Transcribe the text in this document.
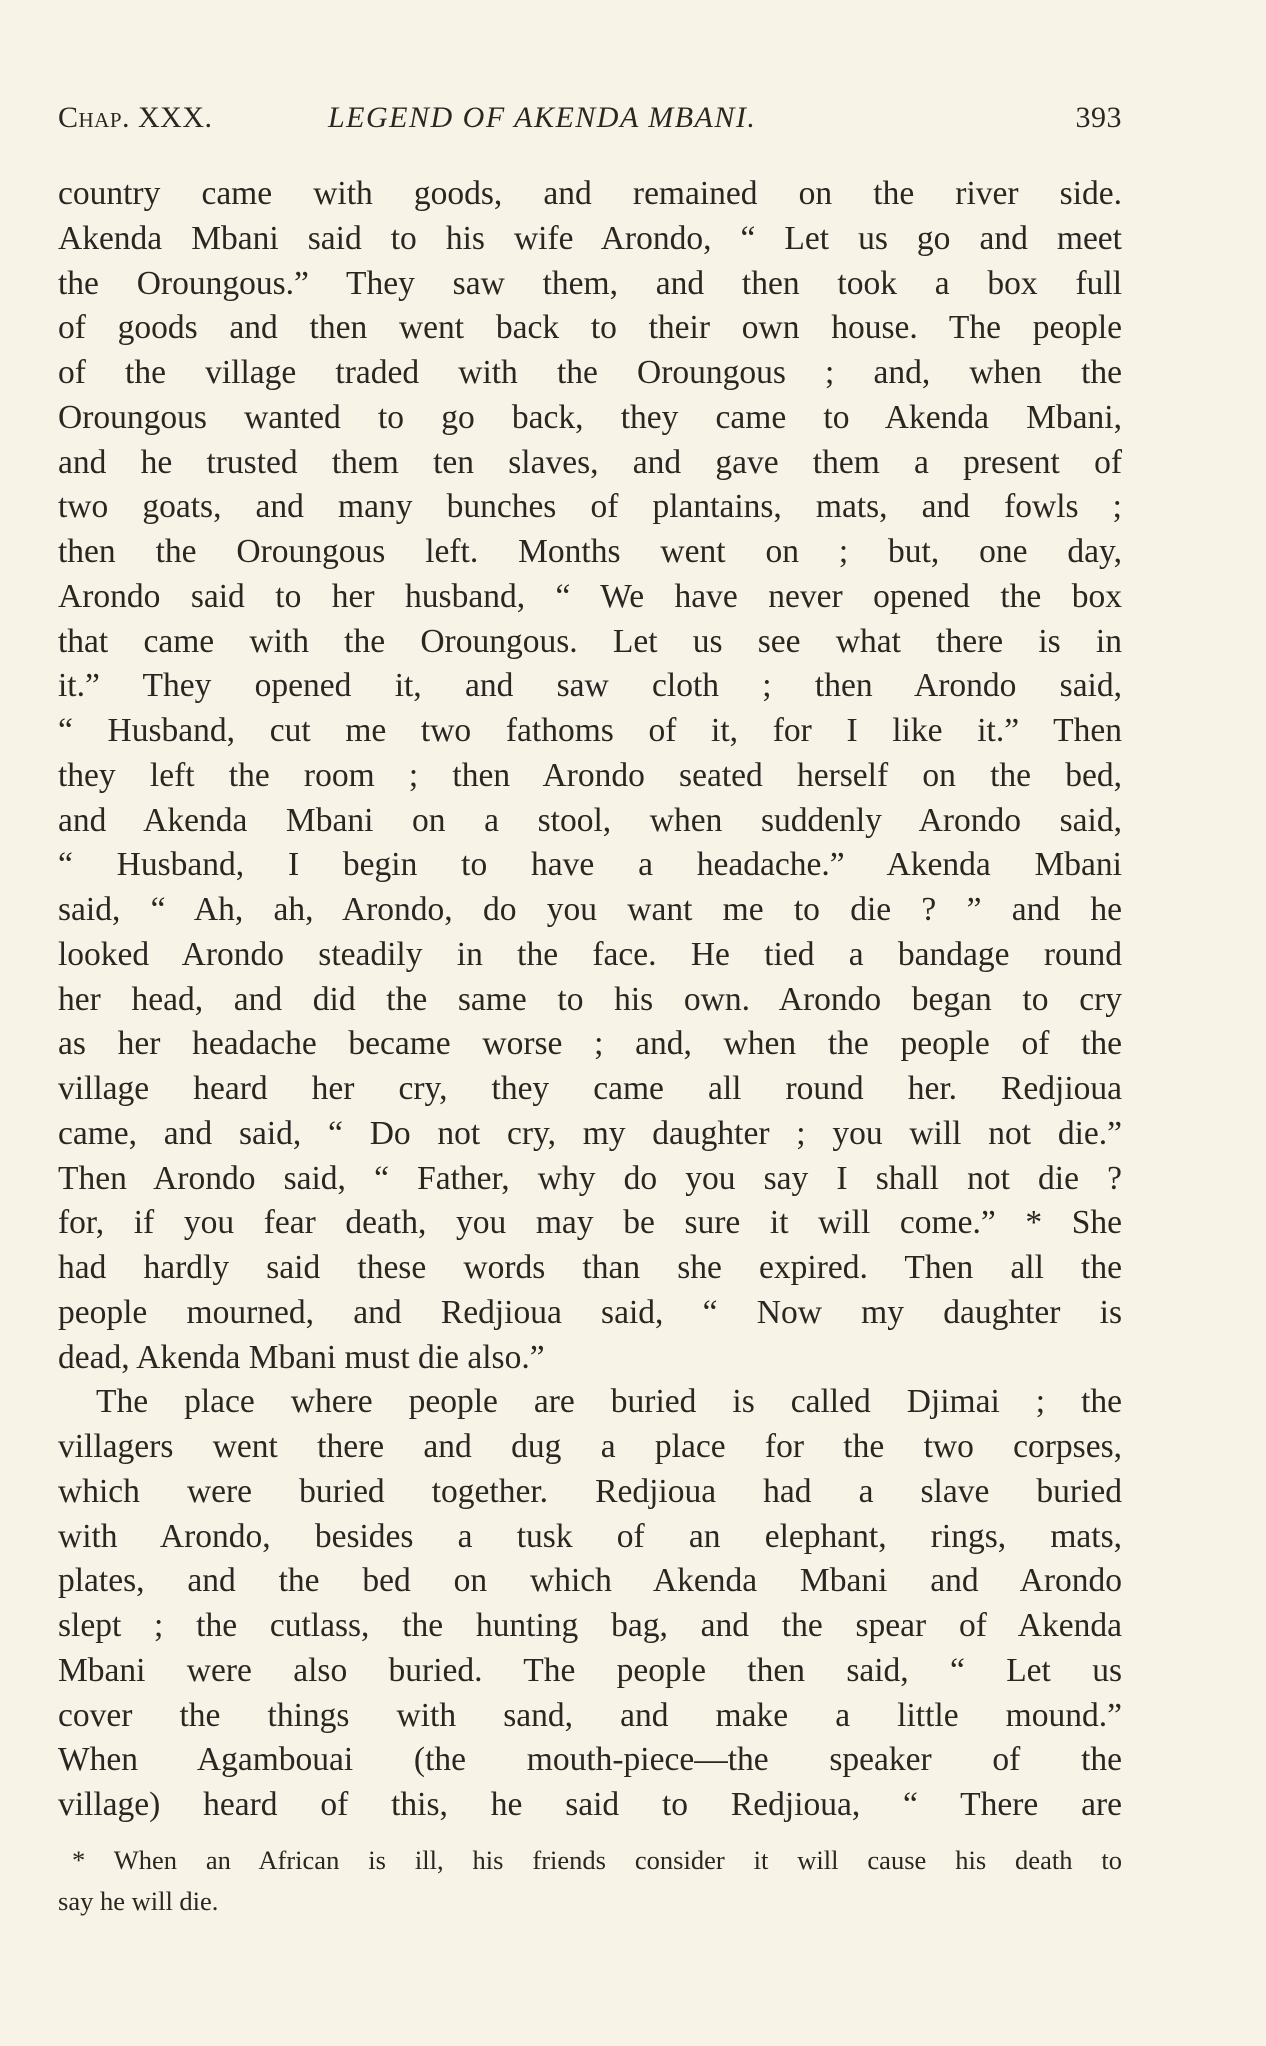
Chap. XXX.	LEGEND OF AKENDA MBANI.	393
country came with goods, and remained on the river side.
Akenda Mbani said to his wife Arondo, “ Let us go and meet
the Oroungous.” They saw them, and then took a box full
of goods and then went back to their own house. The people
of the village traded with the Oroungous ; and, when the
Oroungous wanted to go back, they came to Akenda Mbani,
and he trusted them ten slaves, and gave them a present of
two goats, and many bunches of plantains, mats, and fowls ;
then the Oroungous left. Months went on ; but, one day,
Arondo said to her husband, “ We have never opened the box
that came with the Oroungous. Let us see what there is in
it.” They opened it, and saw cloth ; then Arondo said,
“ Husband, cut me two fathoms of it, for I like it.” Then
they left the room ; then Arondo seated herself on the bed,
and Akenda Mbani on a stool, when suddenly Arondo said,
“ Husband, I begin to have a headache.” Akenda Mbani
said, “ Ah, ah, Arondo, do you want me to die ? ” and he
looked Arondo steadily in the face. He tied a bandage round
her head, and did the same to his own. Arondo began to cry
as her headache became worse ; and, when the people of the
village heard her cry, they came all round her. Redjioua
came, and said, “ Do not cry, my daughter ; you will not die.”
Then Arondo said, “ Father, why do you say I shall not die ?
for, if you fear death, you may be sure it will come.” * She
had hardly said these words than she expired. Then all the
people mourned, and Redjioua said, “ Now my daughter is
dead, Akenda Mbani must die also.”
The place where people are buried is called Djimai ; the
villagers went there and dug a place for the two corpses,
which were buried together. Redjioua had a slave buried
with Arondo, besides a tusk of an elephant, rings, mats,
plates, and the bed on which Akenda Mbani and Arondo
slept ; the cutlass, the hunting bag, and the spear of Akenda
Mbani were also buried. The people then said, “ Let us
cover the things with sand, and make a little mound.”
When Agambouai (the mouth-piece—the speaker of the
village) heard of this, he said to Redjioua, “ There are
* When an African is ill, his friends consider it will cause his death to
say he will die.
